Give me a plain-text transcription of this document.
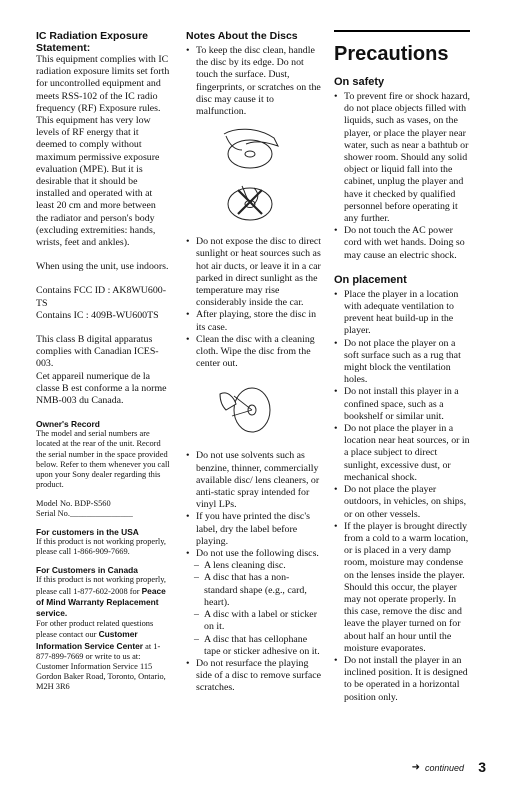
IC Radiation Exposure Statement:

This equipment complies with IC radiation exposure limits set forth for uncontrolled equipment and meets RSS-102 of the IC radio frequency (RF) Exposure rules. This equipment has very low levels of RF energy that it deemed to comply without maximum permissive exposure evaluation (MPE). But it is desirable that it should be installed and operated with at least 20 cm and more between the radiator and person's body (excluding extremities: hands, wrists, feet and ankles).

When using the unit, use indoors.

Contains FCC ID : AK8WU600-TS

Contains IC : 409B-WU600TS

This class B digital apparatus complies with Canadian ICES-003.

Cet appareil numerique de la classe B est conforme a la norme NMB-003 du Canada.

Owner's Record

The model and serial numbers are located at the rear of the unit. Record the serial number in the space provided below. Refer to them whenever you call upon your Sony dealer regarding this product.

Model No. BDP-S560

Serial No._______________

For customers in the USA

If this product is not working properly, please call 1-866-909-7669.

For Customers in Canada

If this product is not working properly, please call 1-877-602-2008 for Peace of Mind Warranty Replacement service.

For other product related questions please contact our Customer Information Service Center at 1-877-899-7669 or write to us at: Customer Information Service 115 Gordon Baker Road, Toronto, Ontario, M2H 3R6

Notes About the Discs

• To keep the disc clean, handle the disc by its edge. Do not touch the surface. Dust, fingerprints, or scratches on the disc may cause it to malfunction.
• Do not expose the disc to direct sunlight or heat sources such as hot air ducts, or leave it in a car parked in direct sunlight as the temperature may rise considerably inside the car.
• After playing, store the disc in its case.
• Clean the disc with a cleaning cloth. Wipe the disc from the center out.
• Do not use solvents such as benzine, thinner, commercially available disc/ lens cleaners, or anti-static spray intended for vinyl LPs.
• If you have printed the disc's label, dry the label before playing.
• Do not use the following discs.
– A lens cleaning disc.
– A disc that has a non-standard shape (e.g., card, heart).
– A disc with a label or sticker on it.
– A disc that has cellophane tape or sticker adhesive on it.
• Do not resurface the playing side of a disc to remove surface scratches.
Precautions

On safety

• To prevent fire or shock hazard, do not place objects filled with liquids, such as vases, on the player, or place the player near water, such as near a bathtub or shower room. Should any solid object or liquid fall into the cabinet, unplug the player and have it checked by qualified personnel before operating it any further.
• Do not touch the AC power cord with wet hands. Doing so may cause an electric shock.

On placement

• Place the player in a location with adequate ventilation to prevent heat build-up in the player.
• Do not place the player on a soft surface such as a rug that might block the ventilation holes.
• Do not install this player in a confined space, such as a bookshelf or similar unit.
• Do not place the player in a location near heat sources, or in a place subject to direct sunlight, excessive dust, or mechanical shock.
• Do not place the player outdoors, in vehicles, on ships, or on other vessels.
• If the player is brought directly from a cold to a warm location, or is placed in a very damp room, moisture may condense on the lenses inside the player. Should this occur, the player may not operate properly. In this case, remove the disc and leave the player turned on for about half an hour until the moisture evaporates.
• Do not install the player in an inclined position. It is designed to be operated in a horizontal position only.
➜ continued 3
